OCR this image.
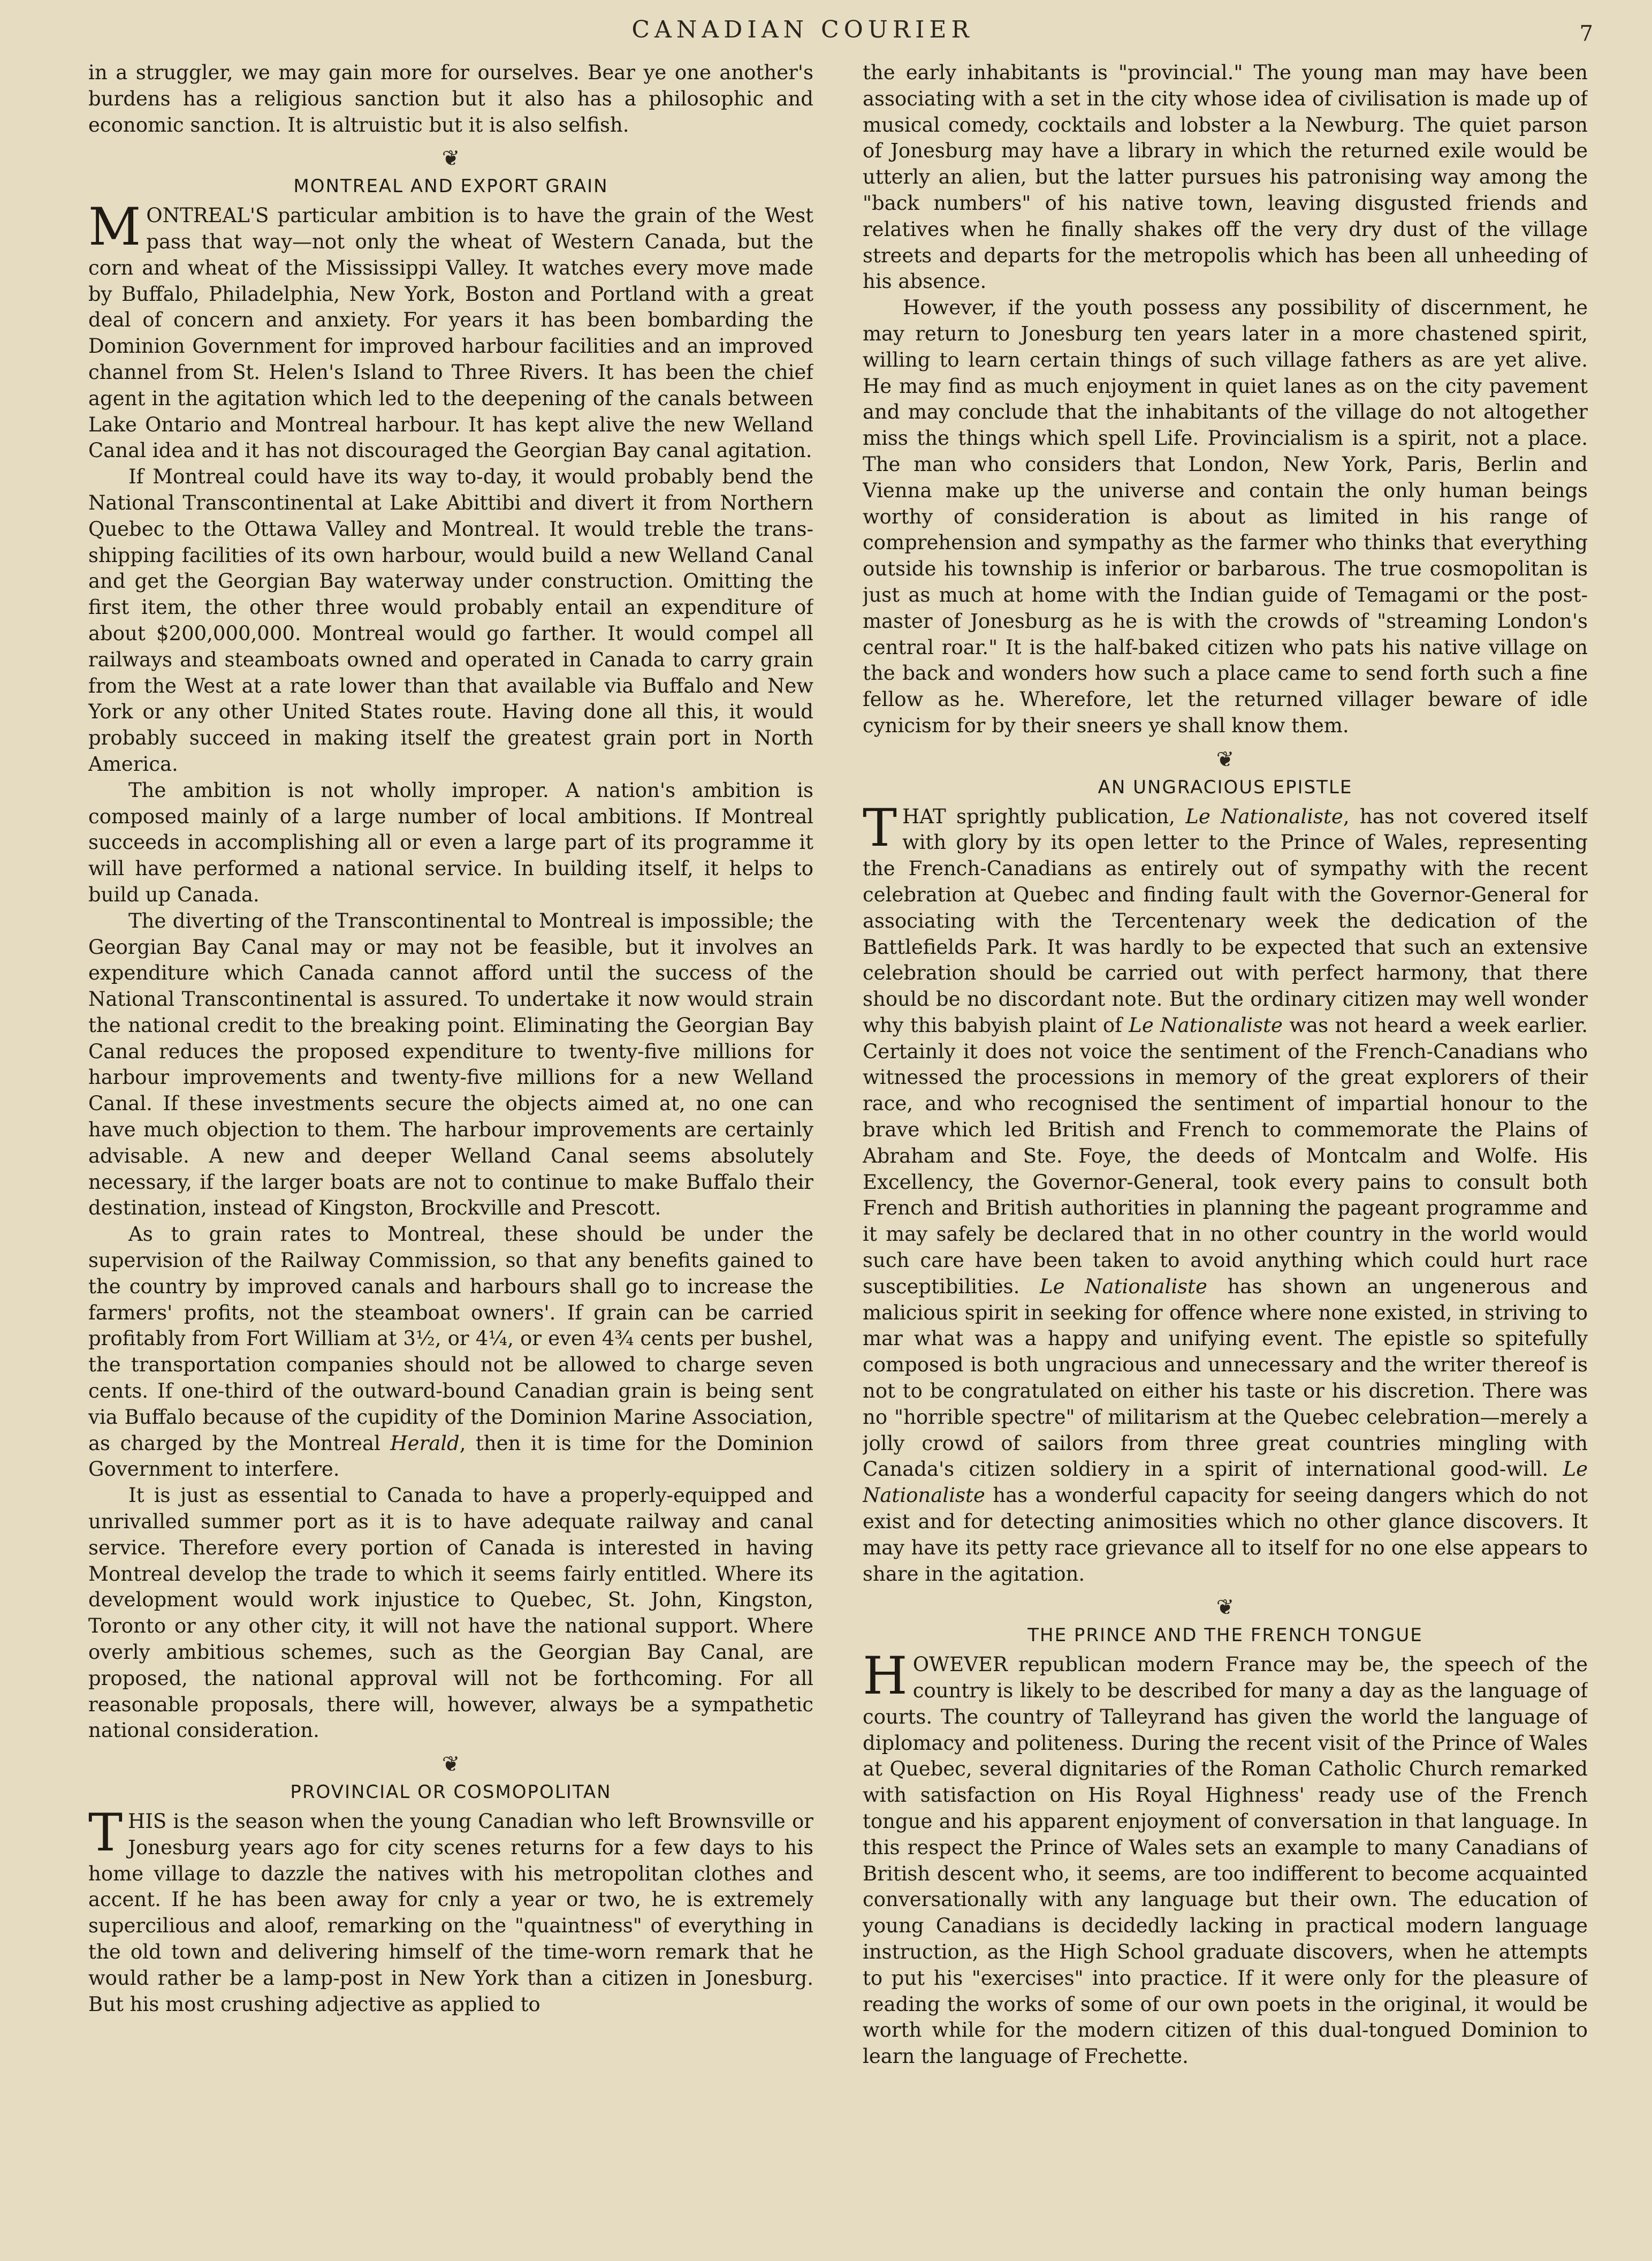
CANADIAN COURIER	7

in a struggler, we may gain more for ourselves. Bear ye one another's burdens has a religious sanction but it also has a philosophic and economic sanction. It is altruistic but it is also selfish.

❦
MONTREAL AND EXPORT GRAIN

MONTREAL'S particular ambition is to have the grain of the West pass that way—not only the wheat of Western Canada, but the corn and wheat of the Mississippi Valley. It watches every move made by Buffalo, Philadelphia, New York, Boston and Portland with a great deal of concern and anxiety. For years it has been bombarding the Dominion Government for improved harbour facilities and an improved channel from St. Helen's Island to Three Rivers. It has been the chief agent in the agitation which led to the deepening of the canals between Lake Ontario and Montreal harbour. It has kept alive the new Welland Canal idea and it has not discouraged the Georgian Bay canal agitation.

If Montreal could have its way to-day, it would probably bend the National Transcontinental at Lake Abittibi and divert it from Northern Quebec to the Ottawa Valley and Montreal. It would treble the trans-shipping facilities of its own harbour, would build a new Welland Canal and get the Georgian Bay waterway under construction. Omitting the first item, the other three would probably entail an expenditure of about $200,000,000. Montreal would go farther. It would compel all railways and steamboats owned and operated in Canada to carry grain from the West at a rate lower than that available via Buffalo and New York or any other United States route. Having done all this, it would probably succeed in making itself the greatest grain port in North America.

The ambition is not wholly improper. A nation's ambition is composed mainly of a large number of local ambitions. If Montreal succeeds in accomplishing all or even a large part of its programme it will have performed a national service. In building itself, it helps to build up Canada.

The diverting of the Transcontinental to Montreal is impossible; the Georgian Bay Canal may or may not be feasible, but it involves an expenditure which Canada cannot afford until the success of the National Transcontinental is assured. To undertake it now would strain the national credit to the breaking point. Eliminating the Georgian Bay Canal reduces the proposed expenditure to twenty-five millions for harbour improvements and twenty-five millions for a new Welland Canal. If these investments secure the objects aimed at, no one can have much objection to them. The harbour improvements are certainly advisable. A new and deeper Welland Canal seems absolutely necessary, if the larger boats are not to continue to make Buffalo their destination, instead of Kingston, Brockville and Prescott.

As to grain rates to Montreal, these should be under the supervision of the Railway Commission, so that any benefits gained to the country by improved canals and harbours shall go to increase the farmers' profits, not the steamboat owners'. If grain can be carried profitably from Fort William at 3½, or 4¼, or even 4¾ cents per bushel, the transportation companies should not be allowed to charge seven cents. If one-third of the outward-bound Canadian grain is being sent via Buffalo because of the cupidity of the Dominion Marine Association, as charged by the Montreal Herald, then it is time for the Dominion Government to interfere.

It is just as essential to Canada to have a properly-equipped and unrivalled summer port as it is to have adequate railway and canal service. Therefore every portion of Canada is interested in having Montreal develop the trade to which it seems fairly entitled. Where its development would work injustice to Quebec, St. John, Kingston, Toronto or any other city, it will not have the national support. Where overly ambitious schemes, such as the Georgian Bay Canal, are proposed, the national approval will not be forthcoming. For all reasonable proposals, there will, however, always be a sympathetic national consideration.

❦
PROVINCIAL OR COSMOPOLITAN

THIS is the season when the young Canadian who left Brownsville or Jonesburg years ago for city scenes returns for a few days to his home village to dazzle the natives with his metropolitan clothes and accent. If he has been away for cnly a year or two, he is extremely supercilious and aloof, remarking on the "quaintness" of everything in the old town and delivering himself of the time-worn remark that he would rather be a lamp-post in New York than a citizen in Jonesburg. But his most crushing adjective as applied to

the early inhabitants is "provincial." The young man may have been associating with a set in the city whose idea of civilisation is made up of musical comedy, cocktails and lobster a la Newburg. The quiet parson of Jonesburg may have a library in which the returned exile would be utterly an alien, but the latter pursues his patronising way among the "back numbers" of his native town, leaving disgusted friends and relatives when he finally shakes off the very dry dust of the village streets and departs for the metropolis which has been all unheeding of his absence.

However, if the youth possess any possibility of discernment, he may return to Jonesburg ten years later in a more chastened spirit, willing to learn certain things of such village fathers as are yet alive. He may find as much enjoyment in quiet lanes as on the city pavement and may conclude that the inhabitants of the village do not altogether miss the things which spell Life. Provincialism is a spirit, not a place. The man who considers that London, New York, Paris, Berlin and Vienna make up the universe and contain the only human beings worthy of consideration is about as limited in his range of comprehension and sympathy as the farmer who thinks that everything outside his township is inferior or barbarous. The true cosmopolitan is just as much at home with the Indian guide of Temagami or the post-master of Jonesburg as he is with the crowds of "streaming London's central roar." It is the half-baked citizen who pats his native village on the back and wonders how such a place came to send forth such a fine fellow as he. Wherefore, let the returned villager beware of idle cynicism for by their sneers ye shall know them.

❦
AN UNGRACIOUS EPISTLE

THAT sprightly publication, Le Nationaliste, has not covered itself with glory by its open letter to the Prince of Wales, representing the French-Canadians as entirely out of sympathy with the recent celebration at Quebec and finding fault with the Governor-General for associating with the Tercentenary week the dedication of the Battlefields Park. It was hardly to be expected that such an extensive celebration should be carried out with perfect harmony, that there should be no discordant note. But the ordinary citizen may well wonder why this babyish plaint of Le Nationaliste was not heard a week earlier. Certainly it does not voice the sentiment of the French-Canadians who witnessed the processions in memory of the great explorers of their race, and who recognised the sentiment of impartial honour to the brave which led British and French to commemorate the Plains of Abraham and Ste. Foye, the deeds of Montcalm and Wolfe. His Excellency, the Governor-General, took every pains to consult both French and British authorities in planning the pageant programme and it may safely be declared that in no other country in the world would such care have been taken to avoid anything which could hurt race susceptibilities. Le Nationaliste has shown an ungenerous and malicious spirit in seeking for offence where none existed, in striving to mar what was a happy and unifying event. The epistle so spitefully composed is both ungracious and unnecessary and the writer thereof is not to be congratulated on either his taste or his discretion. There was no "horrible spectre" of militarism at the Quebec celebration—merely a jolly crowd of sailors from three great countries mingling with Canada's citizen soldiery in a spirit of international good-will. Le Nationaliste has a wonderful capacity for seeing dangers which do not exist and for detecting animosities which no other glance discovers. It may have its petty race grievance all to itself for no one else appears to share in the agitation.

❦
THE PRINCE AND THE FRENCH TONGUE

HOWEVER republican modern France may be, the speech of the country is likely to be described for many a day as the language of courts. The country of Talleyrand has given the world the language of diplomacy and politeness. During the recent visit of the Prince of Wales at Quebec, several dignitaries of the Roman Catholic Church remarked with satisfaction on His Royal Highness' ready use of the French tongue and his apparent enjoyment of conversation in that language. In this respect the Prince of Wales sets an example to many Canadians of British descent who, it seems, are too indifferent to become acquainted conversationally with any language but their own. The education of young Canadians is decidedly lacking in practical modern language instruction, as the High School graduate discovers, when he attempts to put his "exercises" into practice. If it were only for the pleasure of reading the works of some of our own poets in the original, it would be worth while for the modern citizen of this dual-tongued Dominion to learn the language of Frechette.
